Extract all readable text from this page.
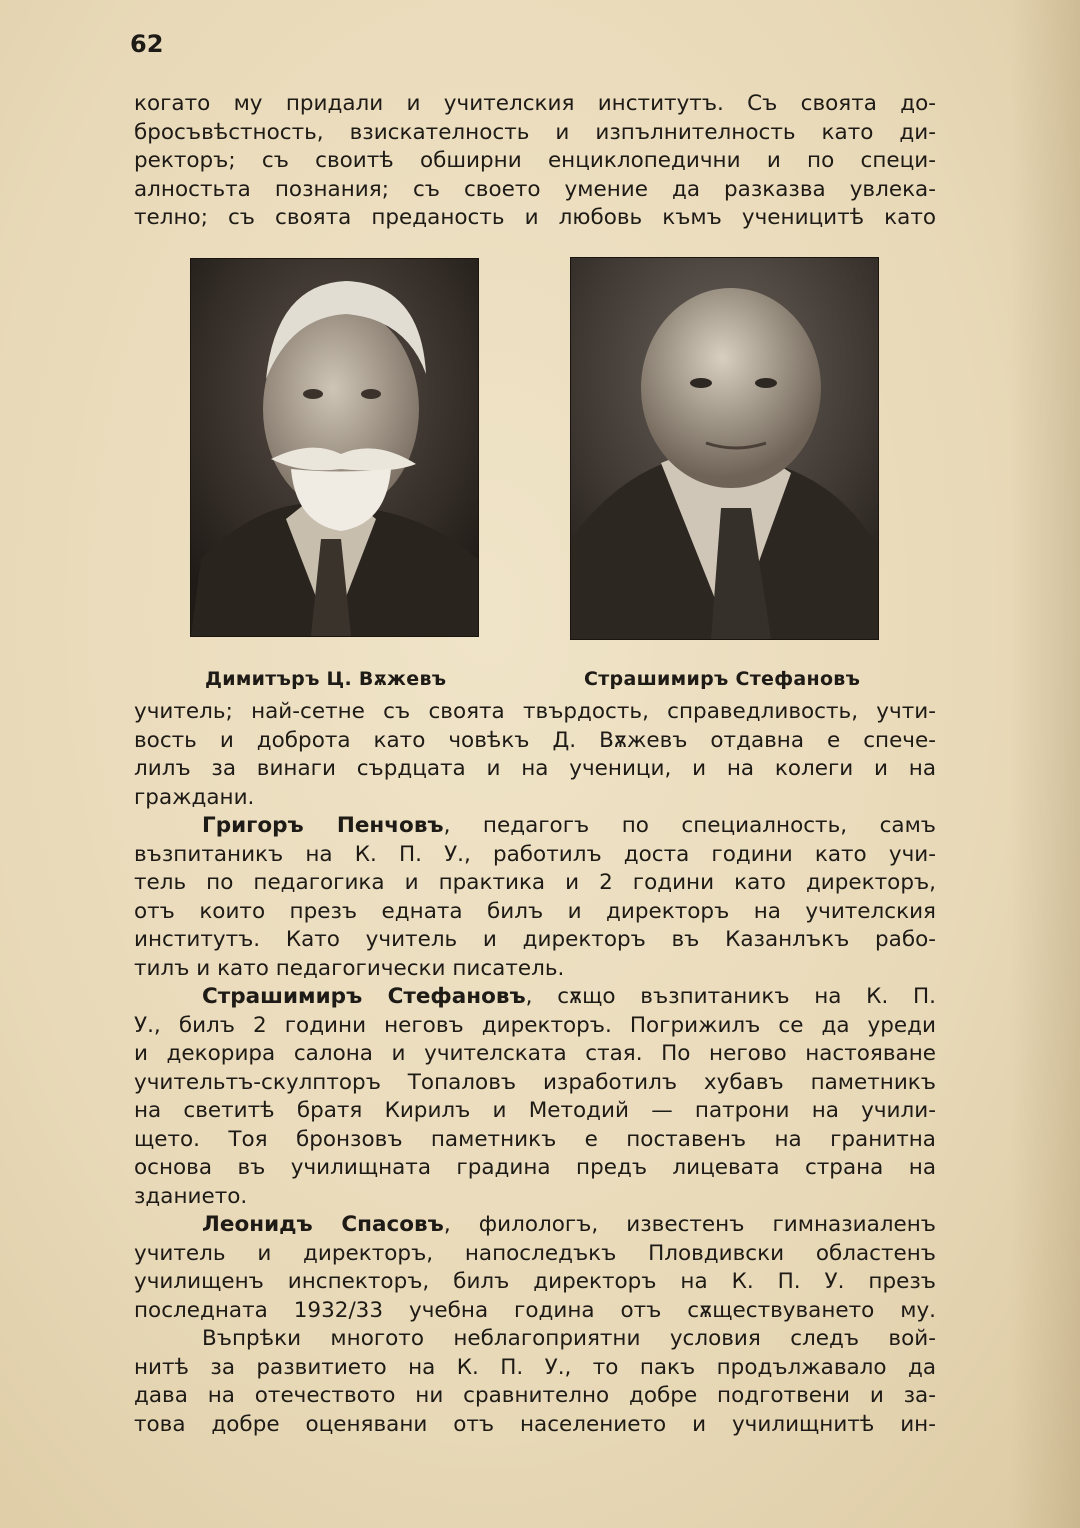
62
когато му придали и учителския институтъ. Съ своята до-
бросъвѣстность, взискателность и изпълнителность като ди-
ректоръ; съ своитѣ обширни енциклопедични и по специ-
алностьта познания; съ своето умение да разказва увлека-
телно; съ своята преданость и любовь къмъ ученицитѣ като
Димитъръ Ц. Вѫжевъ	Страшимиръ Стефановъ
учитель; най-сетне съ своята твърдость, справедливость, учти-
вость и доброта като човѣкъ Д. Вѫжевъ отдавна е спече-
лилъ за винаги сърдцата и на ученици, и на колеги и на
граждани.
Григоръ Пенчовъ, педагогъ по специалность, самъ
възпитаникъ на К. П. У., работилъ доста години като учи-
тель по педагогика и практика и 2 години като директоръ,
отъ които презъ едната билъ и директоръ на учителския
институтъ. Като учитель и директоръ въ Казанлъкъ рабо-
тилъ и като педагогически писатель.
Страшимиръ Стефановъ, сѫщо възпитаникъ на К. П.
У., билъ 2 години неговъ директоръ. Погрижилъ се да уреди
и декорира салона и учителската стая. По негово настояване
учительтъ-скулпторъ Топаловъ изработилъ хубавъ паметникъ
на светитѣ братя Кирилъ и Методий — патрони на учили-
щето. Тоя бронзовъ паметникъ е поставенъ на гранитна
основа въ училищната градина предъ лицевата страна на
зданието.
Леонидъ Спасовъ, филологъ, известенъ гимназиаленъ
учитель и директоръ, напоследъкъ Пловдивски областенъ
училищенъ инспекторъ, билъ директоръ на К. П. У. презъ
последната 1932/33 учебна година отъ сѫществуването му.
Въпрѣки многото неблагоприятни условия следъ вой-
нитѣ за развитието на К. П. У., то пакъ продължавало да
дава на отечеството ни сравнително добре подготвени и за-
това добре оценявани отъ населението и училищнитѣ ин-
